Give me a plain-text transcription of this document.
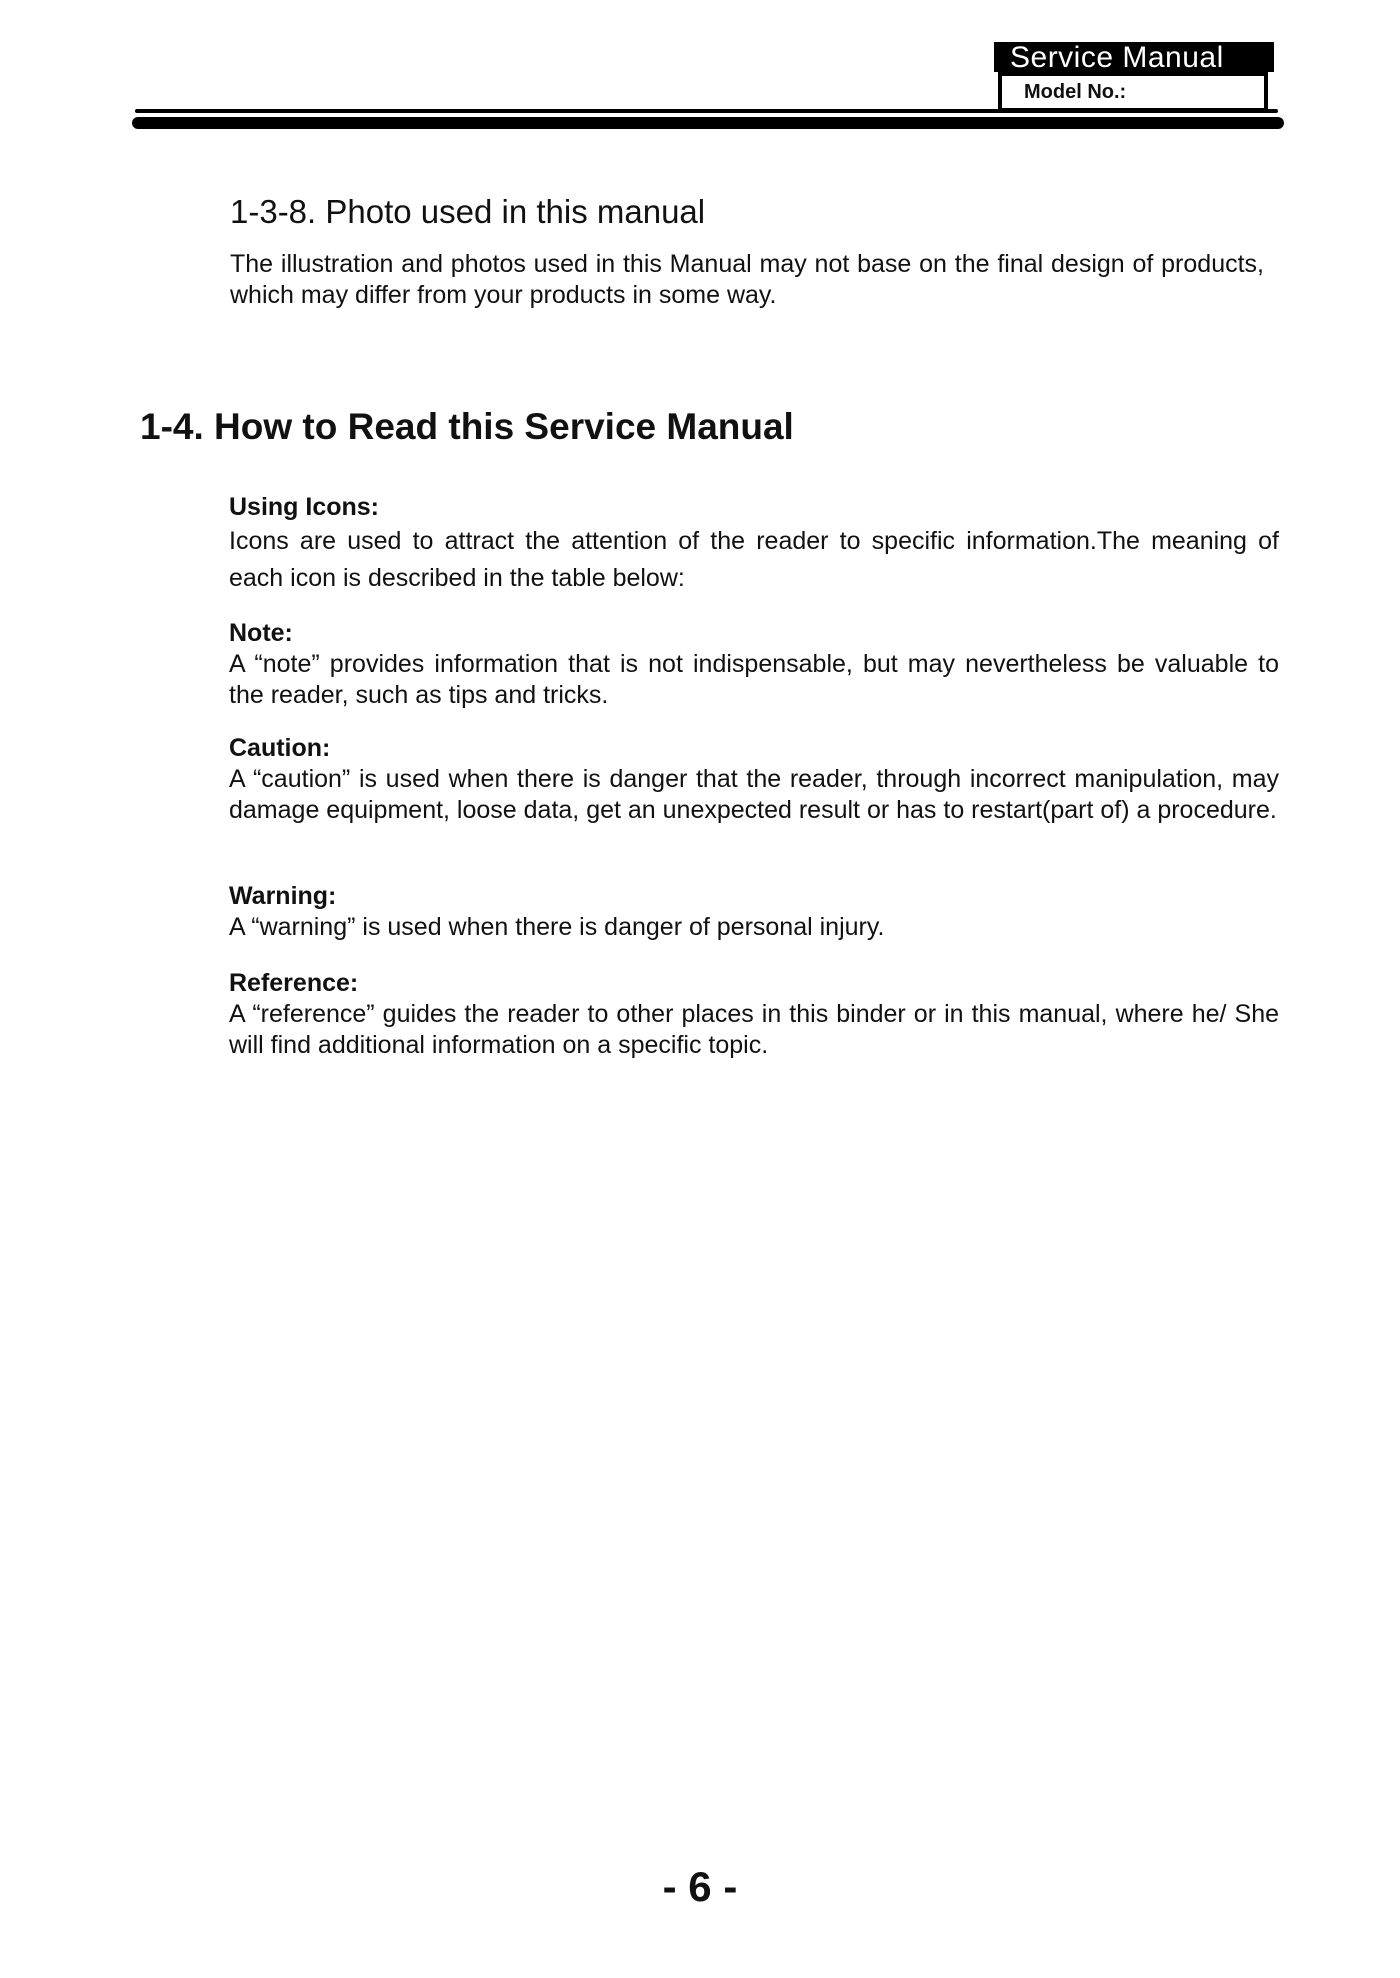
Service Manual
Model No.:
1-3-8. Photo used in this manual
The illustration and photos used in this Manual may not base on the final design of products, which may differ from your products in some way.
1-4. How to Read this Service Manual
Using Icons:
Icons are used to attract the attention of the reader to specific information.The meaning of each icon is described in the table below:
Note:
A “note” provides information that is not indispensable, but may nevertheless be valuable to the reader, such as tips and tricks.
Caution:
A “caution” is used when there is danger that the reader, through incorrect manipulation, may damage equipment, loose data, get an unexpected result or has to restart(part of) a procedure.
Warning:
A “warning” is used when there is danger of personal injury.
Reference:
A “reference” guides the reader to other places in this binder or in this manual, where he/ She will find additional information on a specific topic.
- 6 -
